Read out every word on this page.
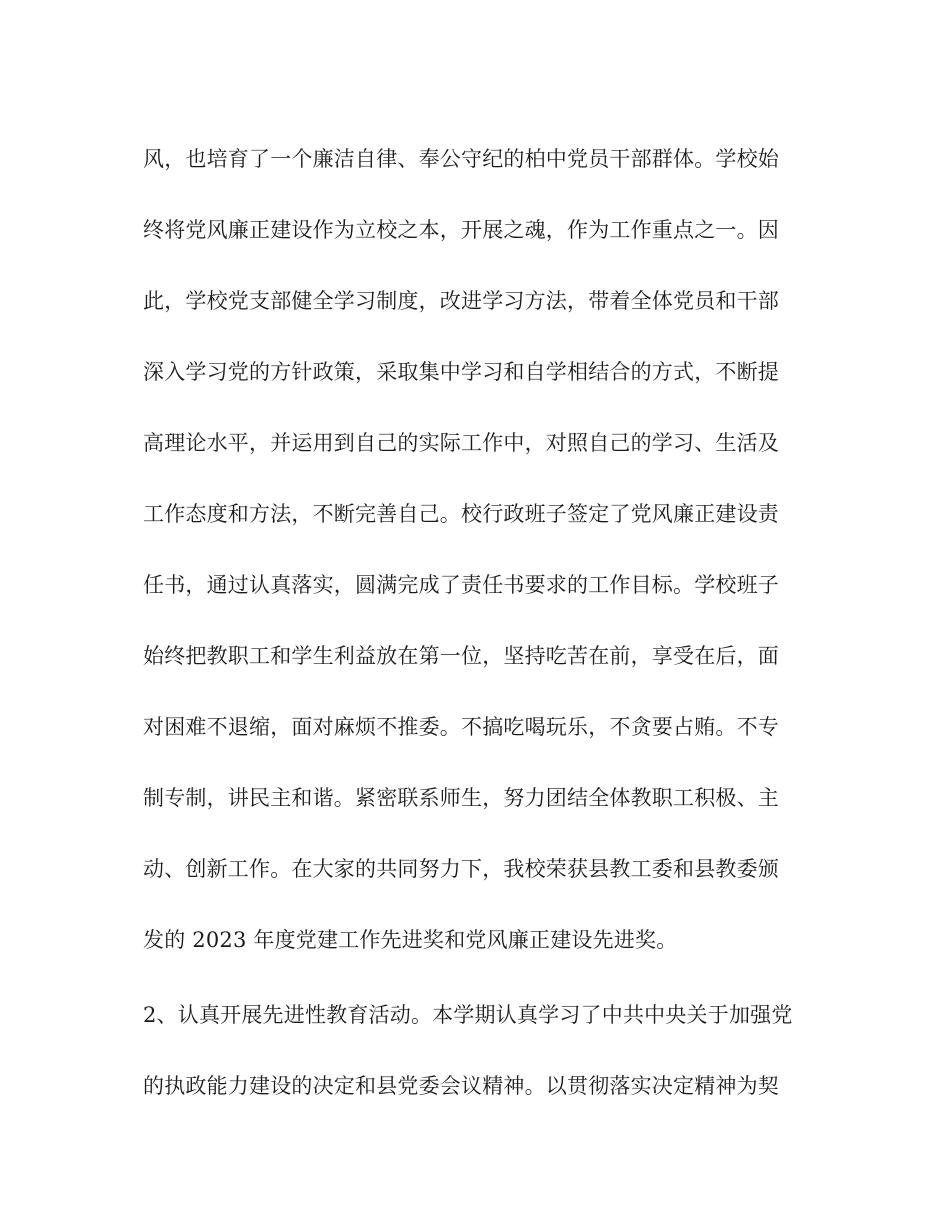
风，也培育了一个廉洁自律、奉公守纪的柏中党员干部群体。学校始
终将党风廉正建设作为立校之本，开展之魂，作为工作重点之一。因
此，学校党支部健全学习制度，改进学习方法，带着全体党员和干部
深入学习党的方针政策，采取集中学习和自学相结合的方式，不断提
高理论水平，并运用到自己的实际工作中，对照自己的学习、生活及
工作态度和方法，不断完善自己。校行政班子签定了党风廉正建设责
任书，通过认真落实，圆满完成了责任书要求的工作目标。学校班子
始终把教职工和学生利益放在第一位，坚持吃苦在前，享受在后，面
对困难不退缩，面对麻烦不推委。不搞吃喝玩乐，不贪要占贿。不专
制专制，讲民主和谐。紧密联系师生，努力团结全体教职工积极、主
动、创新工作。在大家的共同努力下，我校荣获县教工委和县教委颁
发的 2023 年度党建工作先进奖和党风廉正建设先进奖。
2、认真开展先进性教育活动。本学期认真学习了中共中央关于加强党
的执政能力建设的决定和县党委会议精神。以贯彻落实决定精神为契
